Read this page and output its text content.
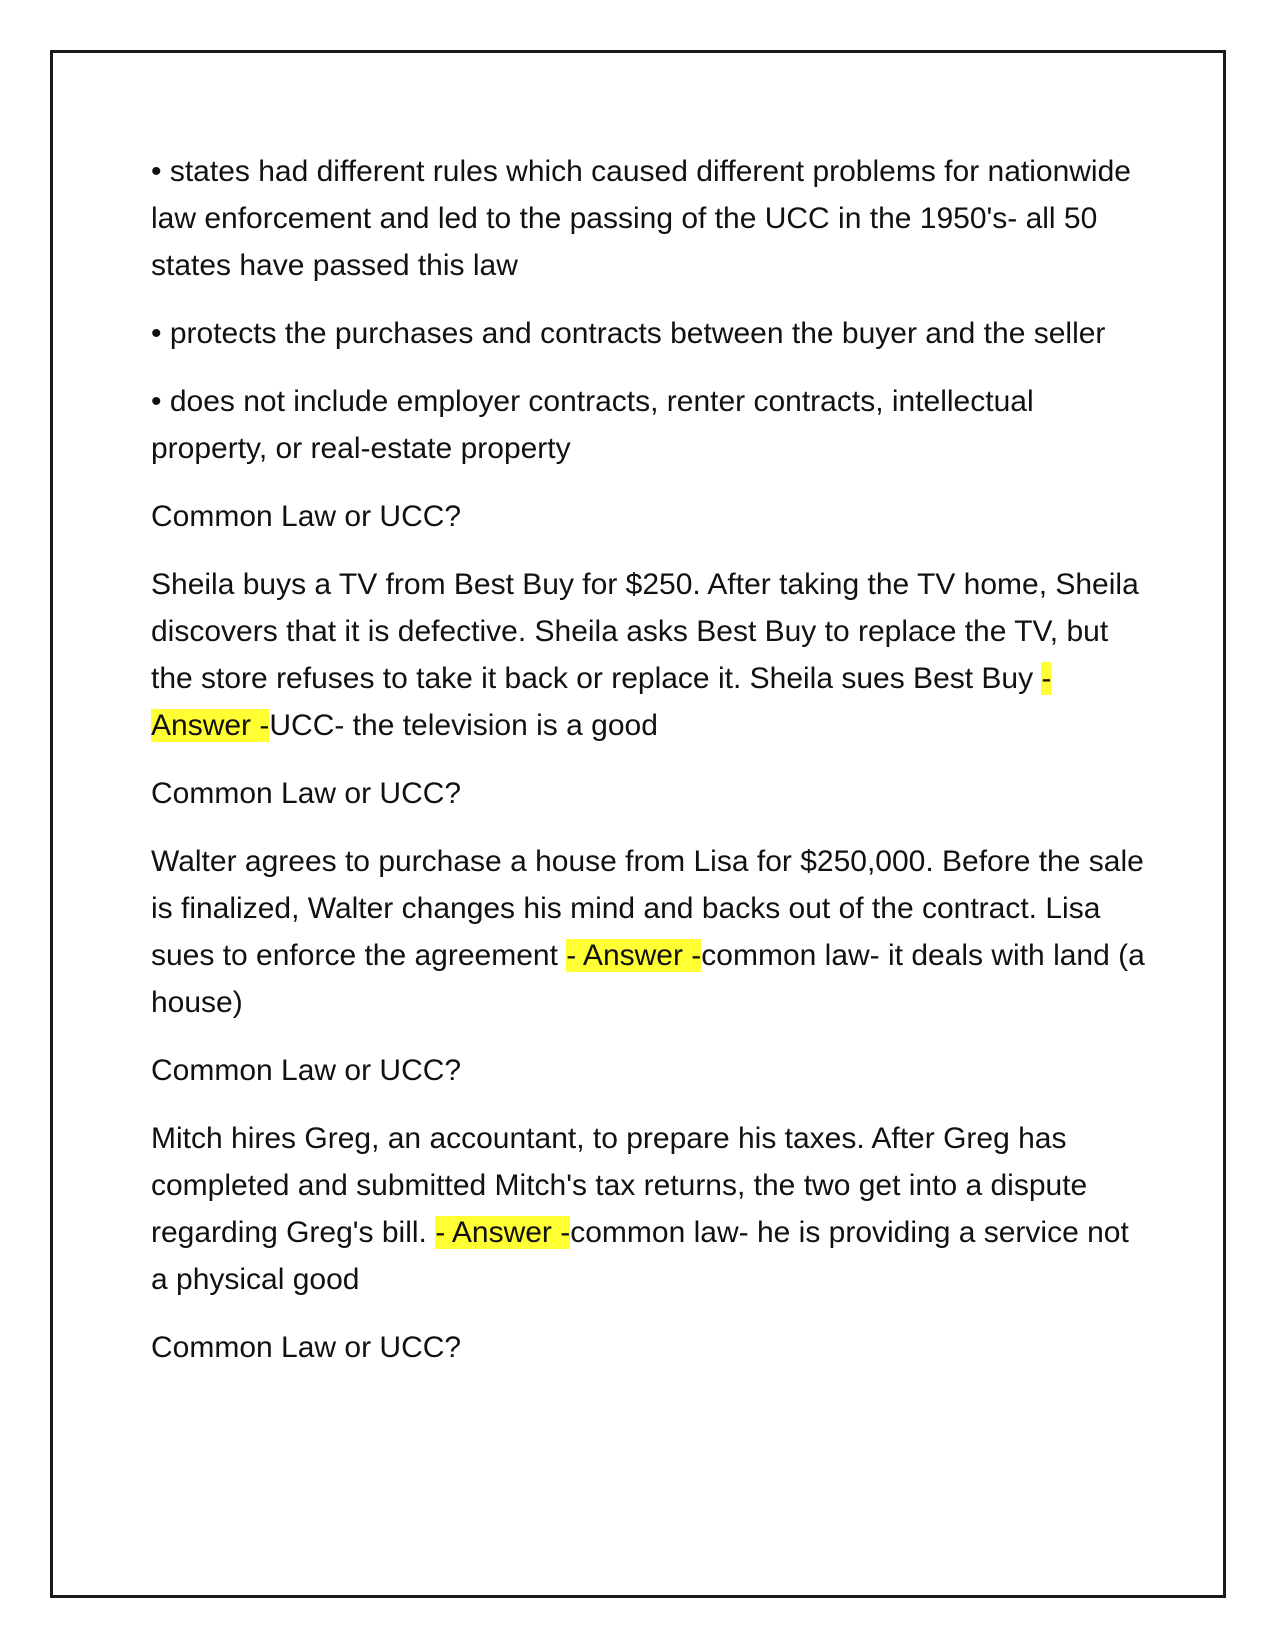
• states had different rules which caused different problems for nationwide law enforcement and led to the passing of the UCC in the 1950's- all 50 states have passed this law

• protects the purchases and contracts between the buyer and the seller

• does not include employer contracts, renter contracts, intellectual property, or real-estate property

Common Law or UCC?

Sheila buys a TV from Best Buy for $250. After taking the TV home, Sheila discovers that it is defective. Sheila asks Best Buy to replace the TV, but the store refuses to take it back or replace it. Sheila sues Best Buy - Answer -UCC- the television is a good

Common Law or UCC?

Walter agrees to purchase a house from Lisa for $250,000. Before the sale is finalized, Walter changes his mind and backs out of the contract. Lisa sues to enforce the agreement - Answer -common law- it deals with land (a house)

Common Law or UCC?

Mitch hires Greg, an accountant, to prepare his taxes. After Greg has completed and submitted Mitch's tax returns, the two get into a dispute regarding Greg's bill. - Answer -common law- he is providing a service not a physical good

Common Law or UCC?
